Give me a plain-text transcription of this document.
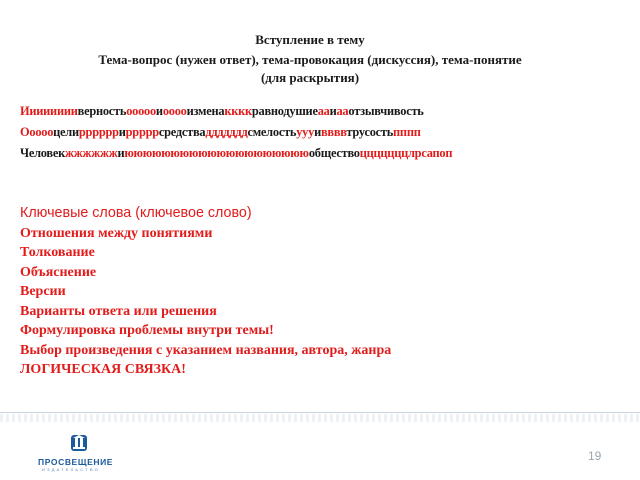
Вступление в тему
Тема-вопрос (нужен ответ), тема-провокация (дискуссия), тема-понятие
(для раскрытия)
Ииииииииверностьоооооиооооизменаккккравнодушиеааиааотзывчивость
Оооооцелиррррррирррррсредствадддддддсмелостьуууиввввтрусостьпппп
Человекжжжжжжиююююююююююююююююююююобществоцццццццлрсапоп
Ключевые слова (ключевое слово)
Отношения между понятиями
Толкование
Объяснение
Версии
Варианты ответа или решения
Формулировка проблемы внутри темы!
Выбор произведения с указанием названия, автора, жанра
ЛОГИЧЕСКАЯ СВЯЗКА!
ПРОСВЕЩЕНИЕ
ИЗДАТЕЛЬСТВО
19
